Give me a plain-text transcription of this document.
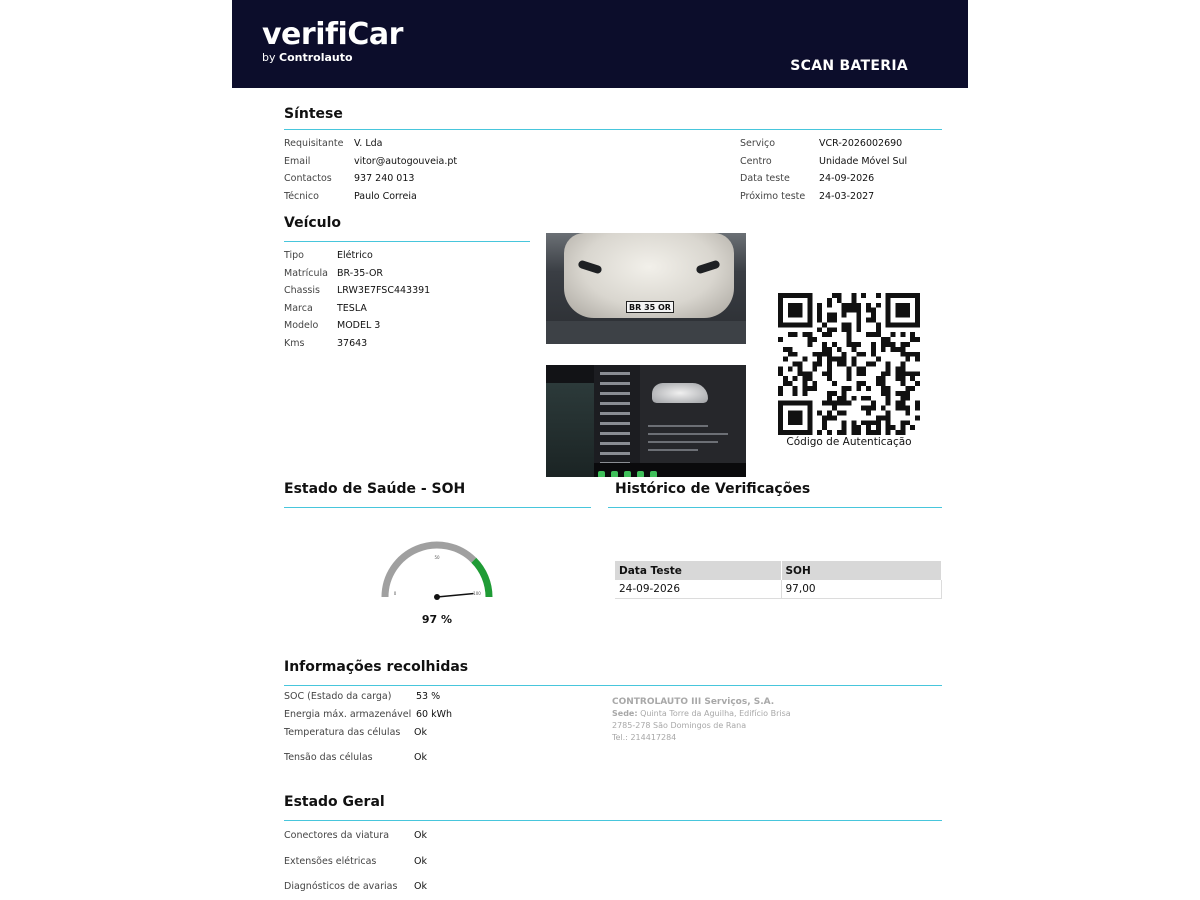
verifiCar
by Controlauto
SCAN BATERIA
Síntese
Requisitante	V. Lda
Email	vitor@autogouveia.pt
Contactos	937 240 013
Técnico	Paulo Correia
Serviço	VCR-2026002690
Centro	Unidade Móvel Sul
Data teste	24-09-2026
Próximo teste	24-03-2027
Veículo
Tipo	Elétrico
Matrícula BR-35-OR
Chassis	LRW3E7FSC443391
Marca	TESLA
Modelo	MODEL 3
Kms	37643
BR 35 OR
Código de Autenticação
Estado de Saúde - SOH
0
50
100
97 %
Histórico de Verificações
Data Teste	SOH
24-09-2026	97,00
Informações recolhidas
SOC (Estado da carga)	53 %
Energia máx. armazenável 60 kWh
Temperatura das células	Ok
Tensão das células	Ok
CONTROLAUTO III Serviços, S.A.
Sede: Quinta Torre da Aguilha, Edifício Brisa
2785-278 São Domingos de Rana
Tel.: 214417284
Estado Geral
Conectores da viatura	Ok
Extensões elétricas	Ok
Diagnósticos de avarias	Ok
